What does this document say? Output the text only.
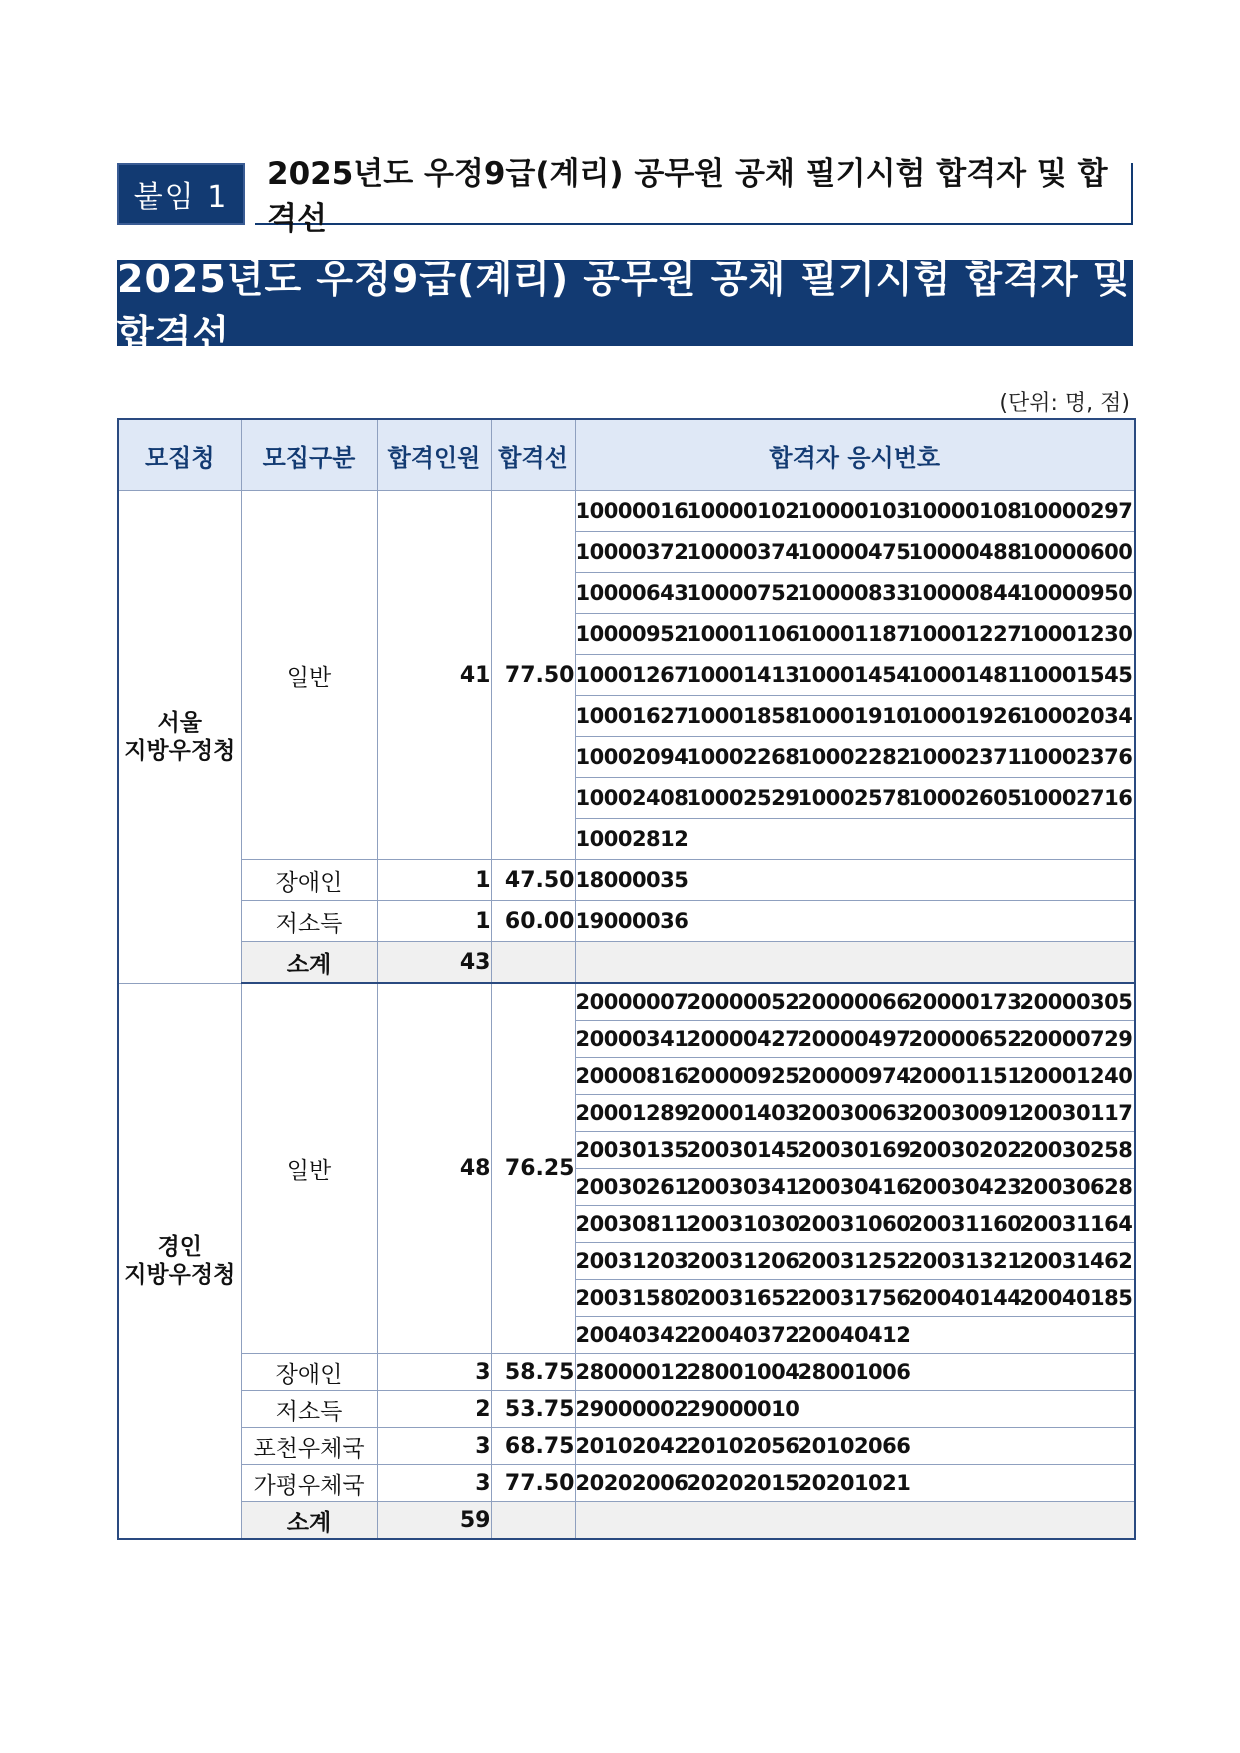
붙임 1
2025년도 우정9급(계리) 공무원 공채 필기시험 합격자 및 합격선
2025년도 우정9급(계리) 공무원 공채 필기시험 합격자 및 합격선
(단위: 명, 점)
모집청	모집구분	합격인원	합격선	합격자 응시번호

서울
지방우정청	일반	41	77.50	1000001610000102100001031000010810000297
				1000037210000374100004751000048810000600
				1000064310000752100008331000084410000950
				1000095210001106100011871000122710001230
				1000126710001413100014541000148110001545
				1000162710001858100019101000192610002034
				1000209410002268100022821000237110002376
				1000240810002529100025781000260510002716
				10002812
	장애인	1	47.50	18000035
	저소득	1	60.00	19000036
	소계	43		

경인
지방우정청	일반	48	76.25	2000000720000052200000662000017320000305
				2000034120000427200004972000065220000729
				2000081620000925200009742000115120001240
				2000128920001403200300632003009120030117
				2003013520030145200301692003020220030258
				2003026120030341200304162003042320030628
				2003081120031030200310602003116020031164
				2003120320031206200312522003132120031462
				2003158020031652200317562004014420040185
				200403422004037220040412
	장애인	3	58.75	280000122800100428001006
	저소득	2	53.75	2900000229000010
	포천우체국	3	68.75	201020422010205620102066
	가평우체국	3	77.50	202020062020201520201021
	소계	59		
